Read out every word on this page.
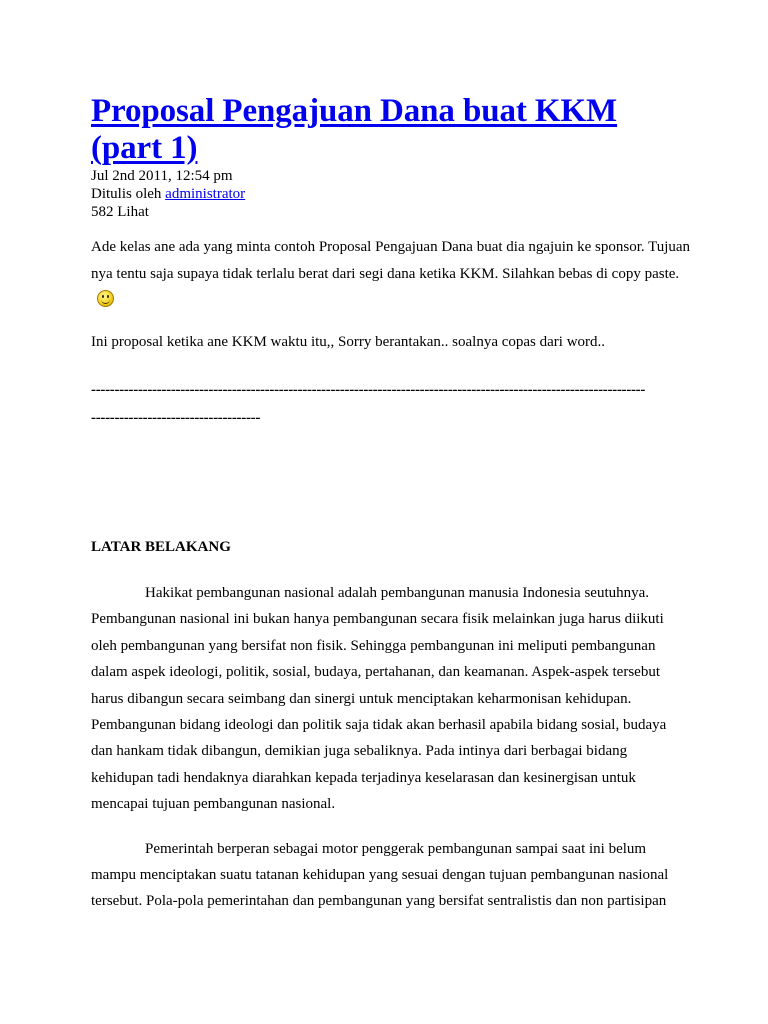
Proposal Pengajuan Dana buat KKM (part 1)
Jul 2nd 2011, 12:54 pm
Ditulis oleh administrator
582 Lihat

Ade kelas ane ada yang minta contoh Proposal Pengajuan Dana buat dia ngajuin ke sponsor. Tujuan nya tentu saja supaya tidak terlalu berat dari segi dana ketika KKM. Silahkan bebas di copy paste.

Ini proposal ketika ane KKM waktu itu,, Sorry berantakan.. soalnya copas dari word..

----------------------------------------------------------------------------------------------------------------------
------------------------------------
LATAR BELAKANG

Hakikat pembangunan nasional adalah pembangunan manusia Indonesia seutuhnya. Pembangunan nasional ini bukan hanya pembangunan secara fisik melainkan juga harus diikuti oleh pembangunan yang bersifat non fisik. Sehingga pembangunan ini meliputi pembangunan dalam aspek ideologi, politik, sosial, budaya, pertahanan, dan keamanan. Aspek-aspek tersebut harus dibangun secara seimbang dan sinergi untuk menciptakan keharmonisan kehidupan. Pembangunan bidang ideologi dan politik saja tidak akan berhasil apabila bidang sosial, budaya dan hankam tidak dibangun, demikian juga sebaliknya. Pada intinya dari berbagai bidang kehidupan tadi hendaknya diarahkan kepada terjadinya keselarasan dan kesinergisan untuk mencapai tujuan pembangunan nasional.

Pemerintah berperan sebagai motor penggerak pembangunan sampai saat ini belum mampu menciptakan suatu tatanan kehidupan yang sesuai dengan tujuan pembangunan nasional tersebut. Pola-pola pemerintahan dan pembangunan yang bersifat sentralistis dan non partisipan
